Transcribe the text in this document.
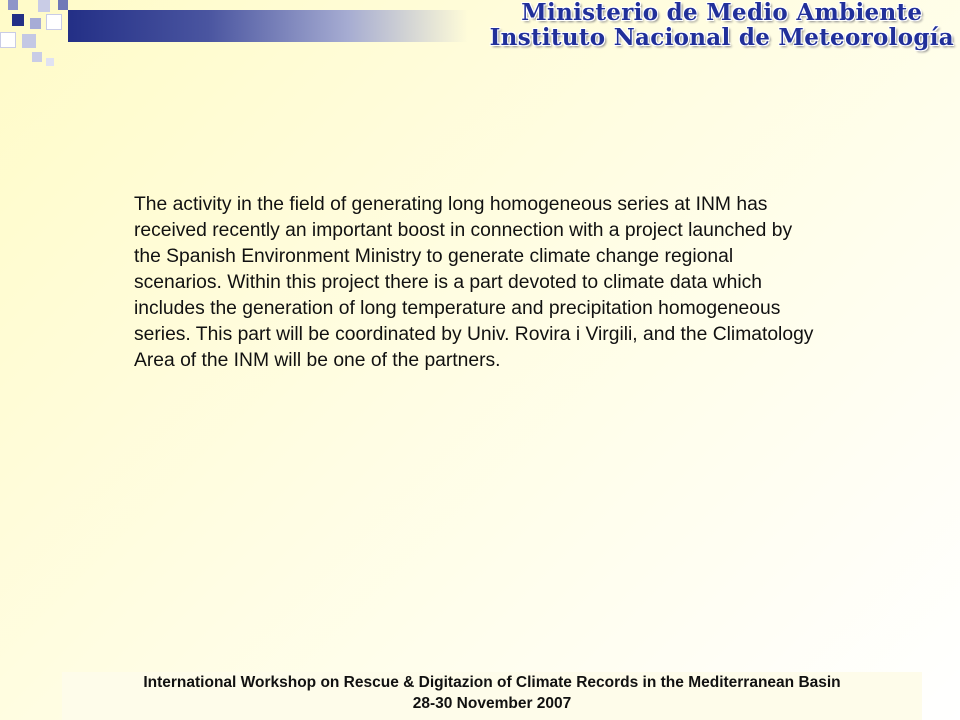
Ministerio de Medio Ambiente
Instituto Nacional de Meteorología
The activity in the field of generating long homogeneous series at INM has received recently an important boost in connection with a project launched by the Spanish Environment Ministry to generate climate change regional scenarios. Within this project there is a part devoted to climate data which includes the generation of long temperature and precipitation homogeneous series. This part will be coordinated by Univ. Rovira i Virgili, and the Climatology Area of the INM will be one of the partners.
International Workshop on Rescue & Digitazion of Climate Records in the Mediterranean Basin
28-30 November 2007
